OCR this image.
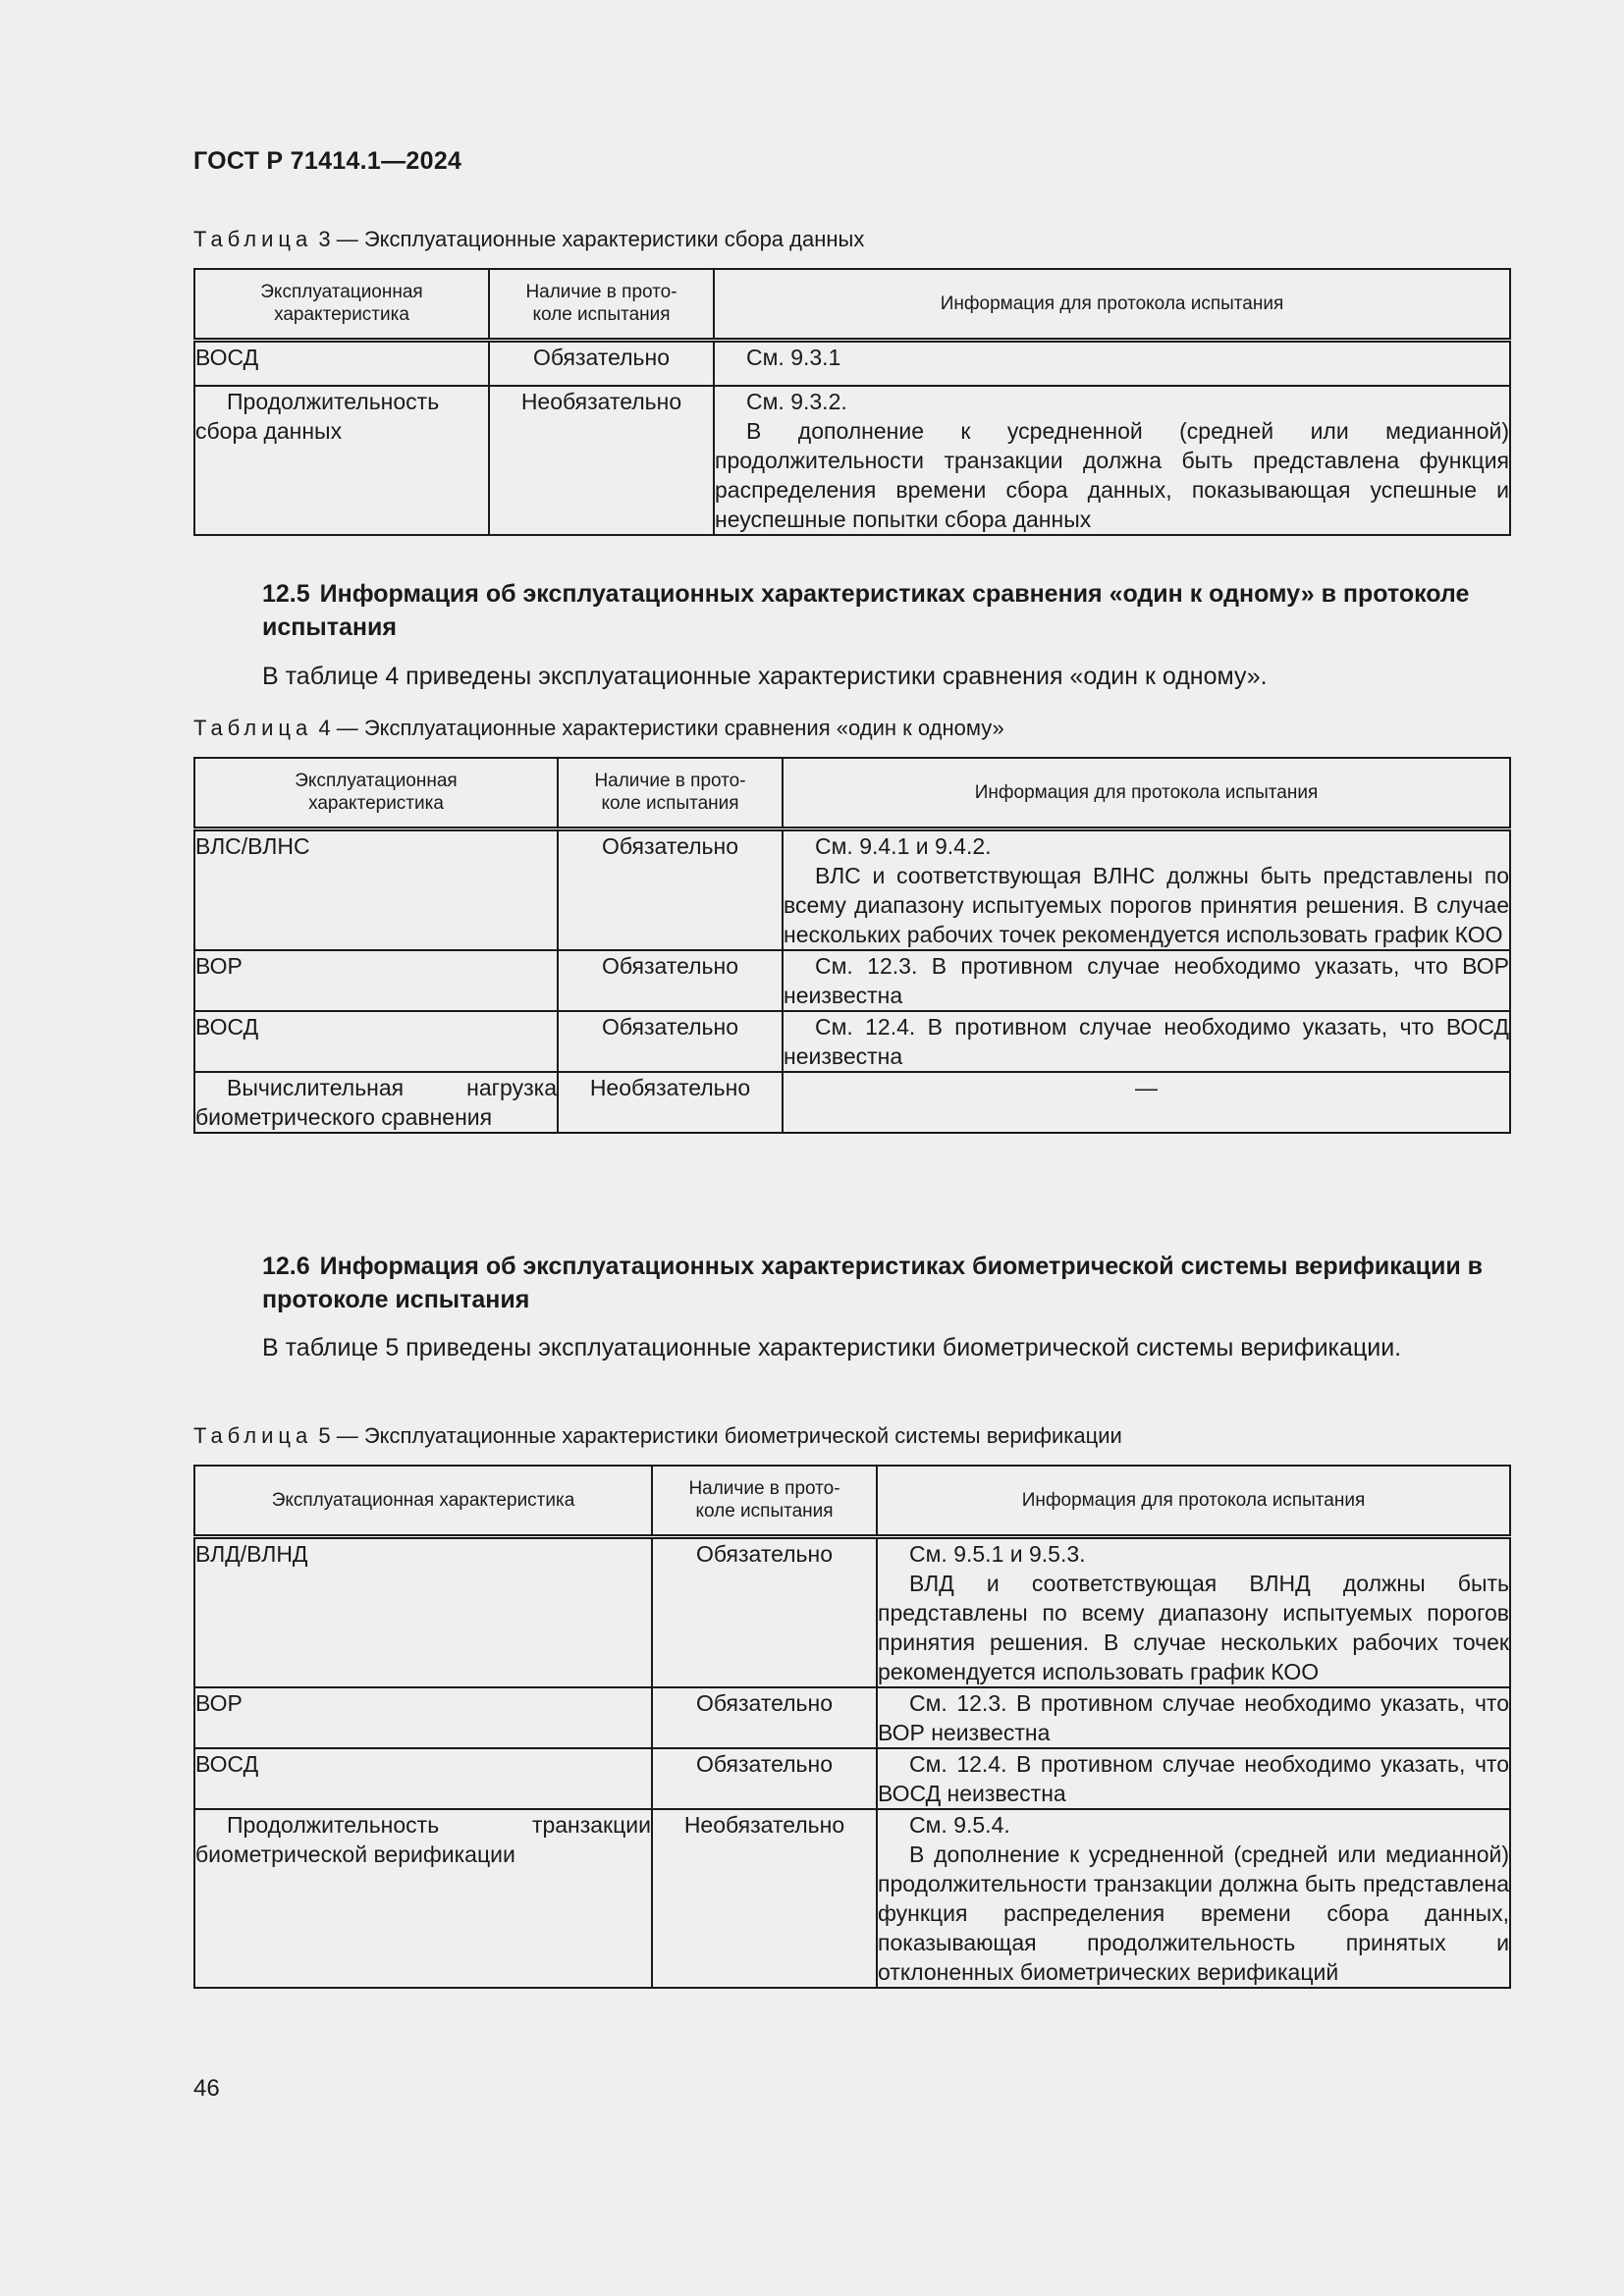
ГОСТ Р 71414.1—2024
Таблица 3 — Эксплуатационные характеристики сбора данных
Эксплуатационная характеристика	Наличие в прото-коле испытания	Информация для протокола испытания
ВОСД	Обязательно	См. 9.3.1

Продолжительность сбора данных	Необязательно	См. 9.3.2.
В дополнение к усредненной (средней или медианной) продолжительности транзакции должна быть представлена функция распределения времени сбора данных, показывающая успешные и неуспешные попытки сбора данных
12.5 Информация об эксплуатационных характеристиках сравнения «один к одному» в протоколе испытания
В таблице 4 приведены эксплуатационные характеристики сравнения «один к одному».
Таблица 4 — Эксплуатационные характеристики сравнения «один к одному»
Эксплуатационная характеристика	Наличие в прото-коле испытания	Информация для протокола испытания
ВЛС/ВЛНС	Обязательно	См. 9.4.1 и 9.4.2.
ВЛС и соответствующая ВЛНС должны быть представлены по всему диапазону испытуемых порогов принятия решения. В случае нескольких рабочих точек рекомендуется использовать график КОО

ВОР	Обязательно	См. 12.3. В противном случае необходимо указать, что ВОР неизвестна

ВОСД	Обязательно	См. 12.4. В противном случае необходимо указать, что ВОСД неизвестна

Вычислительная нагрузка биометрического сравнения	Необязательно	—
12.6 Информация об эксплуатационных характеристиках биометрической системы верификации в протоколе испытания
В таблице 5 приведены эксплуатационные характеристики биометрической системы верификации.
Таблица 5 — Эксплуатационные характеристики биометрической системы верификации
Эксплуатационная характеристика	Наличие в прото-коле испытания	Информация для протокола испытания
ВЛД/ВЛНД	Обязательно	См. 9.5.1 и 9.5.3.
ВЛД и соответствующая ВЛНД должны быть представлены по всему диапазону испытуемых порогов принятия решения. В случае нескольких рабочих точек рекомендуется использовать график КОО

ВОР	Обязательно	См. 12.3. В противном случае необходимо указать, что ВОР неизвестна

ВОСД	Обязательно	См. 12.4. В противном случае необходимо указать, что ВОСД неизвестна

Продолжительность транзакции биометрической верификации	Необязательно	См. 9.5.4.
В дополнение к усредненной (средней или медианной) продолжительности транзакции должна быть представлена функция распределения времени сбора данных, показывающая продолжительность принятых и отклоненных биометрических верификаций
46
